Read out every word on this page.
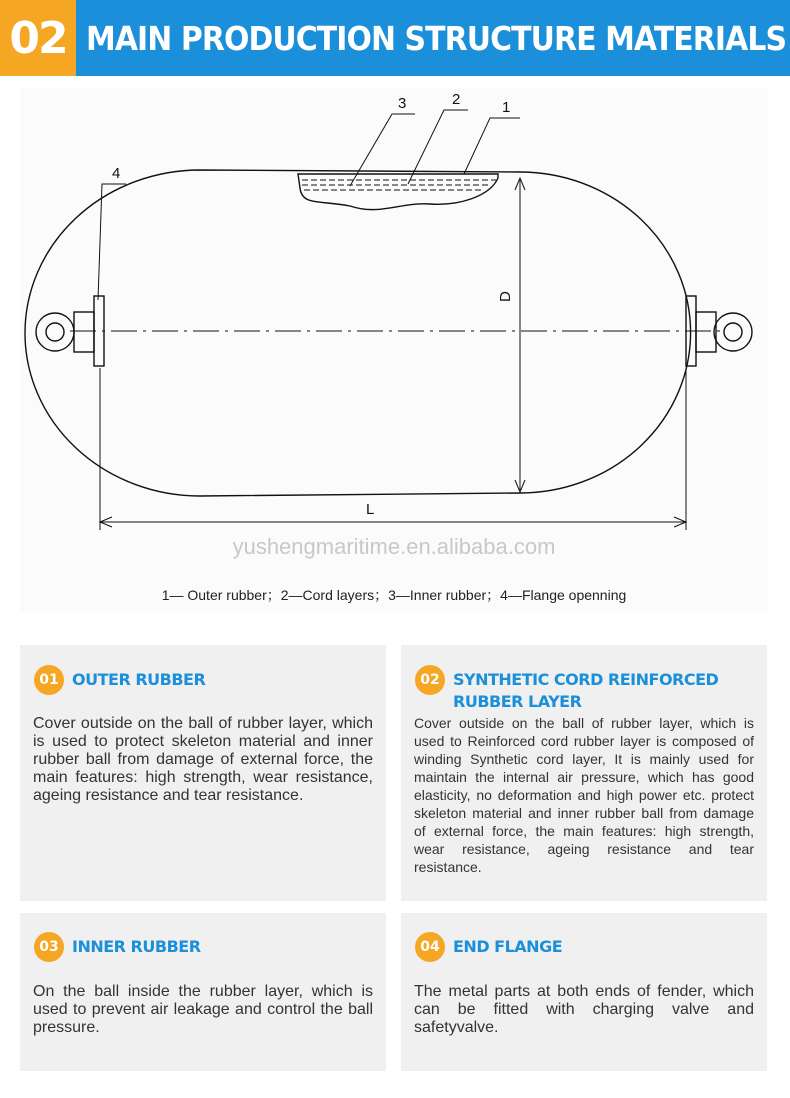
02 MAIN PRODUCTION STRUCTURE MATERIALS
3	2	1
4
D
L
yushengmaritime.en.alibaba.com
1— Outer rubber；2—Cord layers；3—Inner rubber；4—Flange openning
01 OUTER RUBBER
Cover outside on the ball of rubber layer, which is used to protect skeleton material and inner rubber ball from damage of external force, the main features: high strength, wear resistance, ageing resistance and tear resistance.
02 SYNTHETIC CORD REINFORCED
RUBBER LAYER
Cover outside on the ball of rubber layer, which is used to Reinforced cord rubber layer is composed of winding Synthetic cord layer, It is mainly used for maintain the internal air pressure, which has good elasticity, no deformation and high power etc. protect skeleton material and inner rubber ball from damage of external force, the main features: high strength, wear resistance, ageing resistance and tear resistance.
03 INNER RUBBER
On the ball inside the rubber layer, which is used to prevent air leakage and control the ball pressure.
04 END FLANGE
The metal parts at both ends of fender, which can be fitted with charging valve and safetyvalve.
